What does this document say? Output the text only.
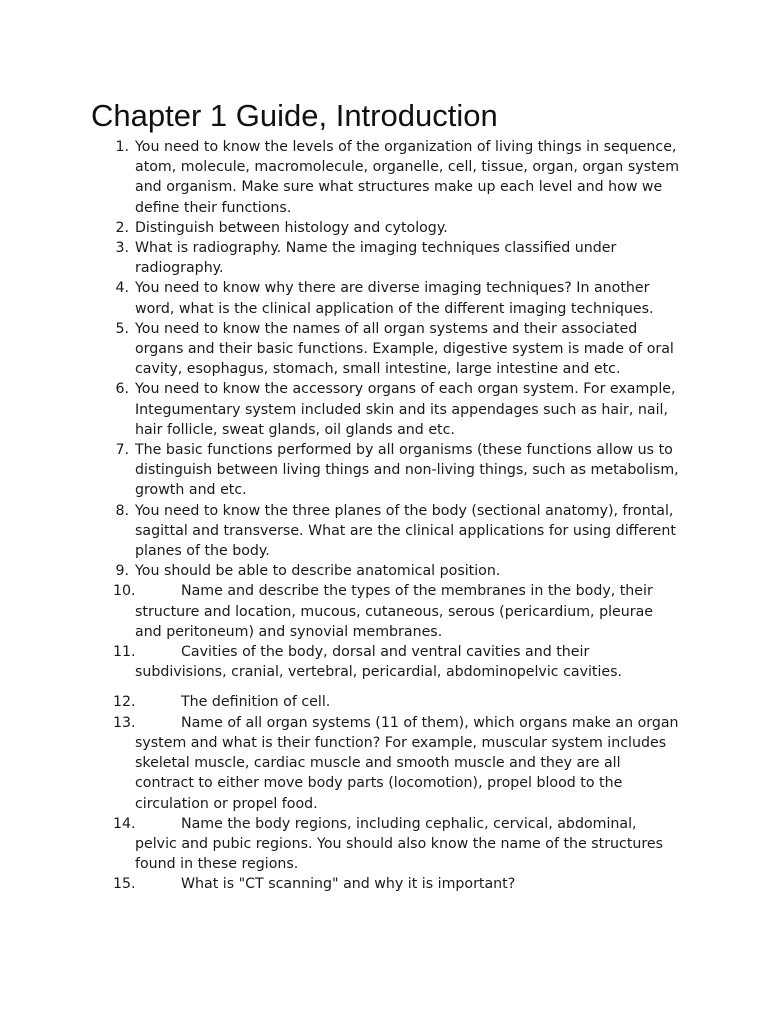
Chapter 1 Guide, Introduction
1. You need to know the levels of the organization of living things in sequence, atom, molecule, macromolecule, organelle, cell, tissue, organ, organ system and organism. Make sure what structures make up each level and how we define their functions.
2. Distinguish between histology and cytology.
3. What is radiography. Name the imaging techniques classified under radiography.
4. You need to know why there are diverse imaging techniques? In another word, what is the clinical application of the different imaging techniques.
5. You need to know the names of all organ systems and their associated organs and their basic functions. Example, digestive system is made of oral cavity, esophagus, stomach, small intestine, large intestine and etc.
6. You need to know the accessory organs of each organ system. For example, Integumentary system included skin and its appendages such as hair, nail, hair follicle, sweat glands, oil glands and etc.
7. The basic functions performed by all organisms (these functions allow us to distinguish between living things and non-living things, such as metabolism, growth and etc.
8. You need to know the three planes of the body (sectional anatomy), frontal, sagittal and transverse. What are the clinical applications for using different planes of the body.
9. You should be able to describe anatomical position.
10.	Name and describe the types of the membranes in the body, their structure and location, mucous, cutaneous, serous (pericardium, pleurae and peritoneum) and synovial membranes.
11.	Cavities of the body, dorsal and ventral cavities and their subdivisions, cranial, vertebral, pericardial, abdominopelvic cavities.
12.	The definition of cell.
13.	Name of all organ systems (11 of them), which organs make an organ system and what is their function? For example, muscular system includes skeletal muscle, cardiac muscle and smooth muscle and they are all contract to either move body parts (locomotion), propel blood to the circulation or propel food.
14.	Name the body regions, including cephalic, cervical, abdominal, pelvic and pubic regions. You should also know the name of the structures found in these regions.
15.	What is "CT scanning" and why it is important?
